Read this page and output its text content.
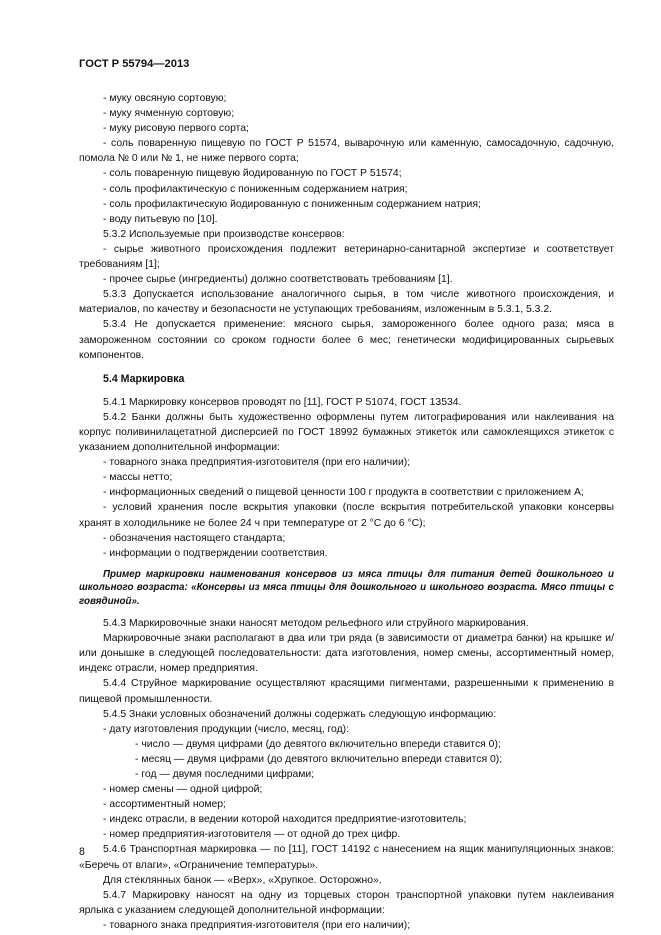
ГОСТ Р 55794—2013

- муку овсяную сортовую;

- муку ячменную сортовую;

- муку рисовую первого сорта;

- соль поваренную пищевую по ГОСТ Р 51574, выварочную или каменную, самосадочную, садочную, помола № 0 или № 1, не ниже первого сорта;

- соль поваренную пищевую йодированную по ГОСТ Р 51574;

- соль профилактическую с пониженным содержанием натрия;

- соль профилактическую йодированную с пониженным содержанием натрия;

- воду питьевую по [10].

5.3.2 Используемые при производстве консервов:

- сырье животного происхождения подлежит ветеринарно-санитарной экспертизе и соответствует требованиям [1];

- прочее сырье (ингредиенты) должно соответствовать требованиям [1].

5.3.3 Допускается использование аналогичного сырья, в том числе животного происхождения, и материалов, по качеству и безопасности не уступающих требованиям, изложенным в 5.3.1, 5.3.2.

5.3.4 Не допускается применение: мясного сырья, замороженного более одного раза; мяса в замороженном состоянии со сроком годности более 6 мес; генетически модифицированных сырьевых компонентов.

5.4 Маркировка

5.4.1 Маркировку консервов проводят по [11], ГОСТ Р 51074, ГОСТ 13534.

5.4.2 Банки должны быть художественно оформлены путем литографирования или наклеивания на корпус поливинилацетатной дисперсией по ГОСТ 18992 бумажных этикеток или самоклеящихся этикеток с указанием дополнительной информации:

- товарного знака предприятия-изготовителя (при его наличии);

- массы нетто;

- информационных сведений о пищевой ценности 100 г продукта в соответствии с приложением А;

- условий хранения после вскрытия упаковки (после вскрытия потребительской упаковки консервы хранят в холодильнике не более 24 ч при температуре от 2 °С до 6 °С);

- обозначения настоящего стандарта;

- информации о подтверждении соответствия.

Пример маркировки наименования консервов из мяса птицы для питания детей дошкольного и школьного возраста: «Консервы из мяса птицы для дошкольного и школьного возраста. Мясо птицы с говядиной».

5.4.3 Маркировочные знаки наносят методом рельефного или струйного маркирования.

Маркировочные знаки располагают в два или три ряда (в зависимости от диаметра банки) на крышке и/или донышке в следующей последовательности: дата изготовления, номер смены, ассортиментный номер, индекс отрасли, номер предприятия.

5.4.4 Струйное маркирование осуществляют красящими пигментами, разрешенными к применению в пищевой промышленности.

5.4.5 Знаки условных обозначений должны содержать следующую информацию:

- дату изготовления продукции (число, месяц, год):

- число — двумя цифрами (до девятого включительно впереди ставится 0);

- месяц — двумя цифрами (до девятого включительно впереди ставится 0);

- год — двумя последними цифрами;

- номер смены — одной цифрой;

- ассортиментный номер;

- индекс отрасли, в ведении которой находится предприятие-изготовитель;

- номер предприятия-изготовителя — от одной до трех цифр.

5.4.6 Транспортная маркировка — по [11], ГОСТ 14192 с нанесением на ящик манипуляционных знаков: «Беречь от влаги», «Ограничение температуры».

Для стеклянных банок — «Верх», «Хрупкое. Осторожно».

5.4.7 Маркировку наносят на одну из торцевых сторон транспортной упаковки путем наклеивания ярлыка с указанием следующей дополнительной информации:

- товарного знака предприятия-изготовителя (при его наличии);

8
